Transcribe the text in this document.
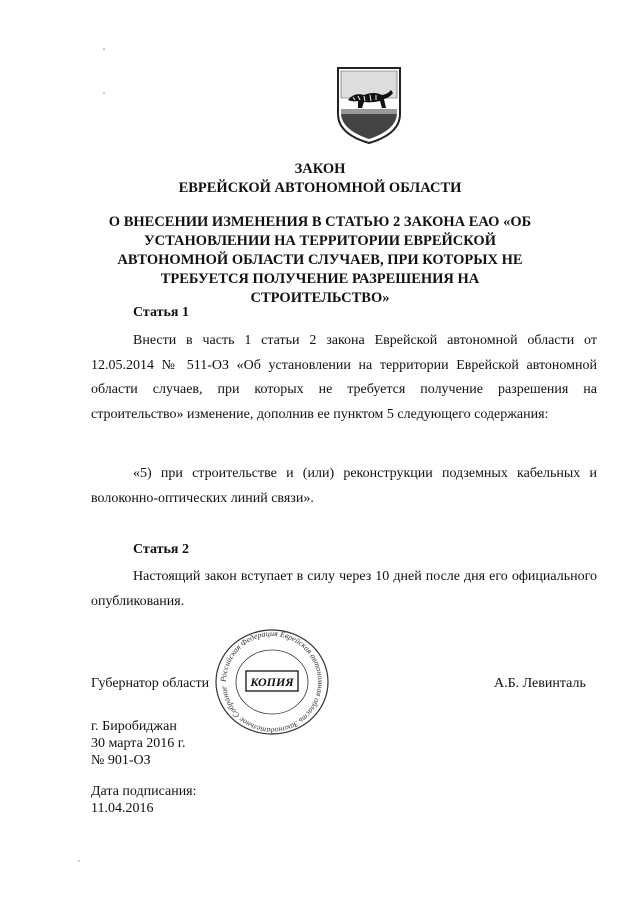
ЗАКОН
ЕВРЕЙСКОЙ АВТОНОМНОЙ ОБЛАСТИ
О ВНЕСЕНИИ ИЗМЕНЕНИЯ В СТАТЬЮ 2 ЗАКОНА ЕАО «ОБ УСТАНОВЛЕНИИ НА ТЕРРИТОРИИ ЕВРЕЙСКОЙ АВТОНОМНОЙ ОБЛАСТИ СЛУЧАЕВ, ПРИ КОТОРЫХ НЕ ТРЕБУЕТСЯ ПОЛУЧЕНИЕ РАЗРЕШЕНИЯ НА СТРОИТЕЛЬСТВО»
Статья 1
Внести в часть 1 статьи 2 закона Еврейской автономной области от 12.05.2014 № 511-ОЗ «Об установлении на территории Еврейской автономной области случаев, при которых не требуется получение разрешения на строительство» изменение, дополнив ее пунктом 5 следующего содержания:
«5) при строительстве и (или) реконструкции подземных кабельных и волоконно-оптических линий связи».
Статья 2
Настоящий закон вступает в силу через 10 дней после дня его официального опубликования.
Губернатор области	А.Б. Левинталь
Российская Федерация Еврейская автономная область Законодательное Собрание	КОПИЯ
г. Биробиджан
30 марта 2016 г.
№ 901-ОЗ
Дата подписания:
11.04.2016
